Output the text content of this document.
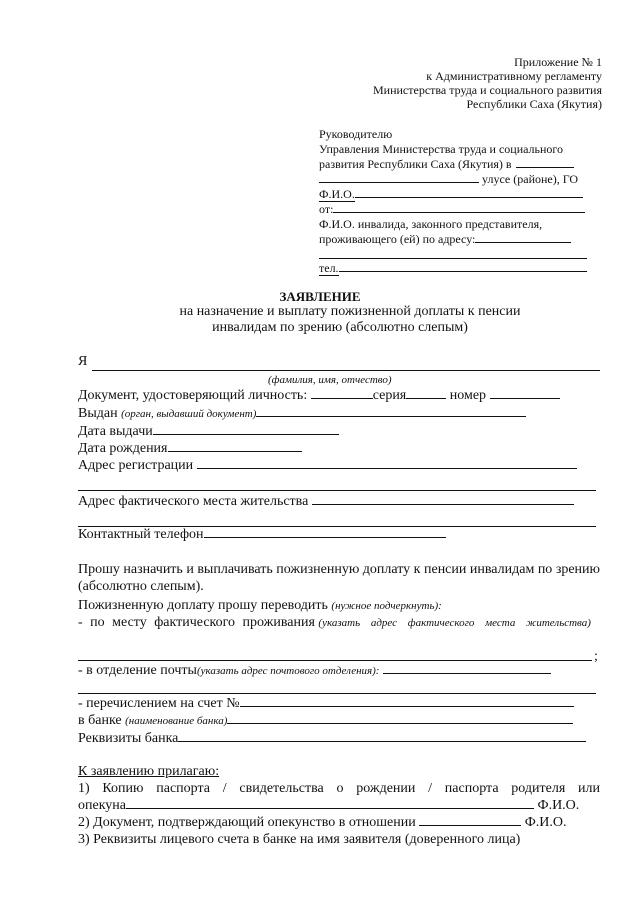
Приложение № 1
к Административному регламенту
Министерства труда и социального развития
Республики Саха (Якутия)
Руководителю
Управления Министерства труда и социального
развития Республики Саха (Якутия) в
улусе (районе), ГО
Ф.И.О.
от:
Ф.И.О. инвалида, законного представителя,
проживающего (ей) по адресу:
тел.
ЗАЯВЛЕНИЕ
на назначение и выплату пожизненной доплаты к пенсии
инвалидам по зрению (абсолютно слепым)
Я
(фамилия, имя, отчество)
Документ, удостоверяющий личность:	серия	номер
Выдан (орган, выдавший документ)
Дата выдачи
Дата рождения
Адрес регистрации
Адрес фактического места жительства
Контактный телефон
Прошу назначить и выплачивать пожизненную доплату к пенсии инвалидам по зрению (абсолютно слепым).
Пожизненную доплату прошу переводить (нужное подчеркнуть):
- по месту фактического проживания (указать адрес фактического места жительства)
;
- в отделение почты(указать адрес почтового отделения):
- перечислением на счет №
в банке (наименование банка)
Реквизиты банка
К заявлению прилагаю:
1) Копию паспорта / свидетельства о рождении / паспорта родителя или
опекуна	Ф.И.О.
2) Документ, подтверждающий опекунство в отношении	Ф.И.О.
3) Реквизиты лицевого счета в банке на имя заявителя (доверенного лица)
